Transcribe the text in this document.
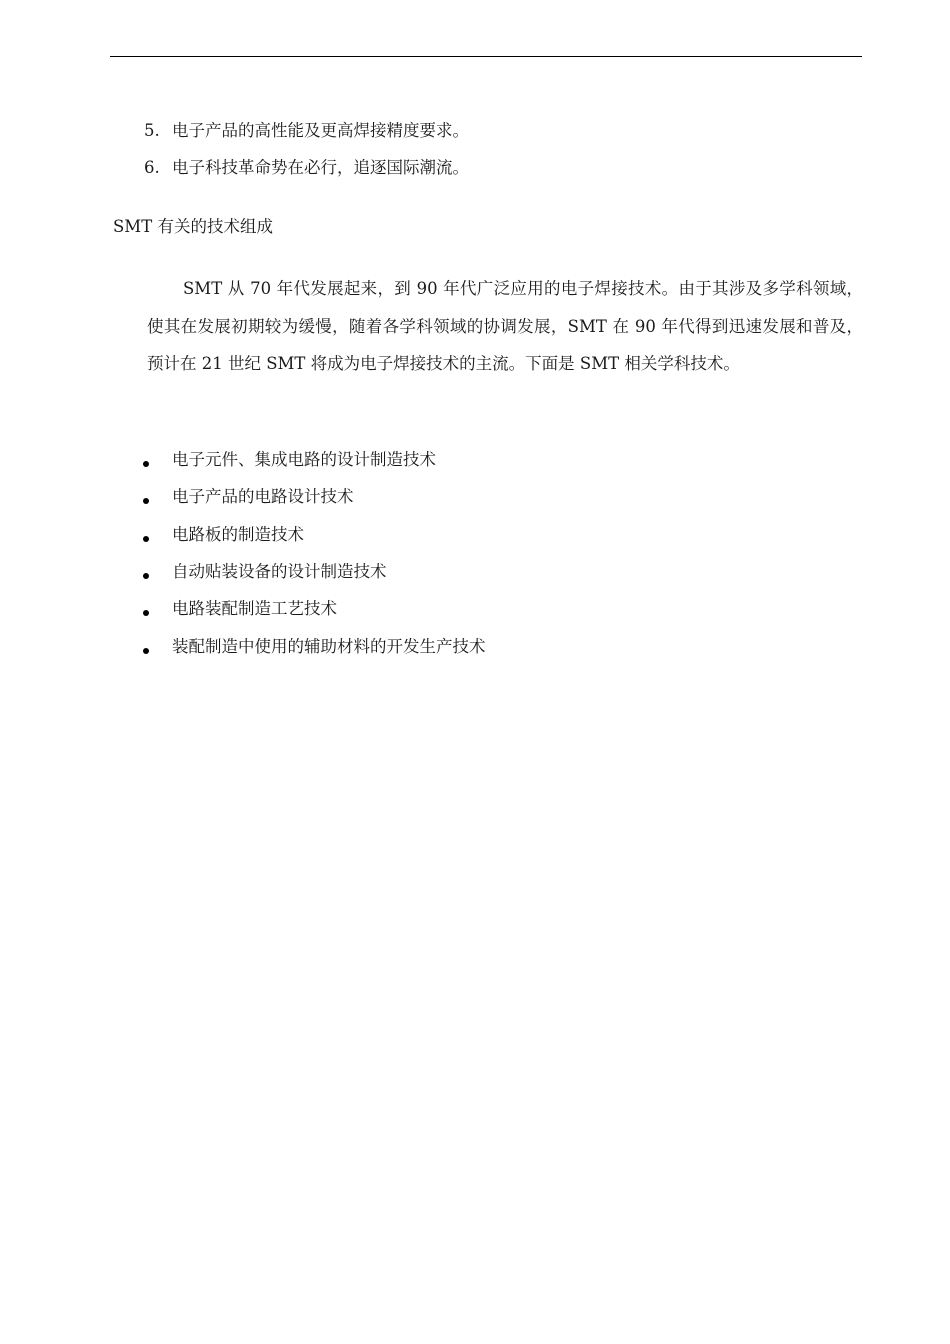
5. 电子产品的高性能及更高焊接精度要求。
6. 电子科技革命势在必行，追逐国际潮流。
SMT 有关的技术组成

SMT 从 70 年代发展起来，到 90 年代广泛应用的电子焊接技术。由于其涉及多学科领域，使其在发展初期较为缓慢，随着各学科领域的协调发展，SMT 在 90 年代得到迅速发展和普及，预计在 21 世纪 SMT 将成为电子焊接技术的主流。下面是 SMT 相关学科技术。

电子元件、集成电路的设计制造技术
电子产品的电路设计技术
电路板的制造技术
自动贴装设备的设计制造技术
电路装配制造工艺技术
装配制造中使用的辅助材料的开发生产技术
